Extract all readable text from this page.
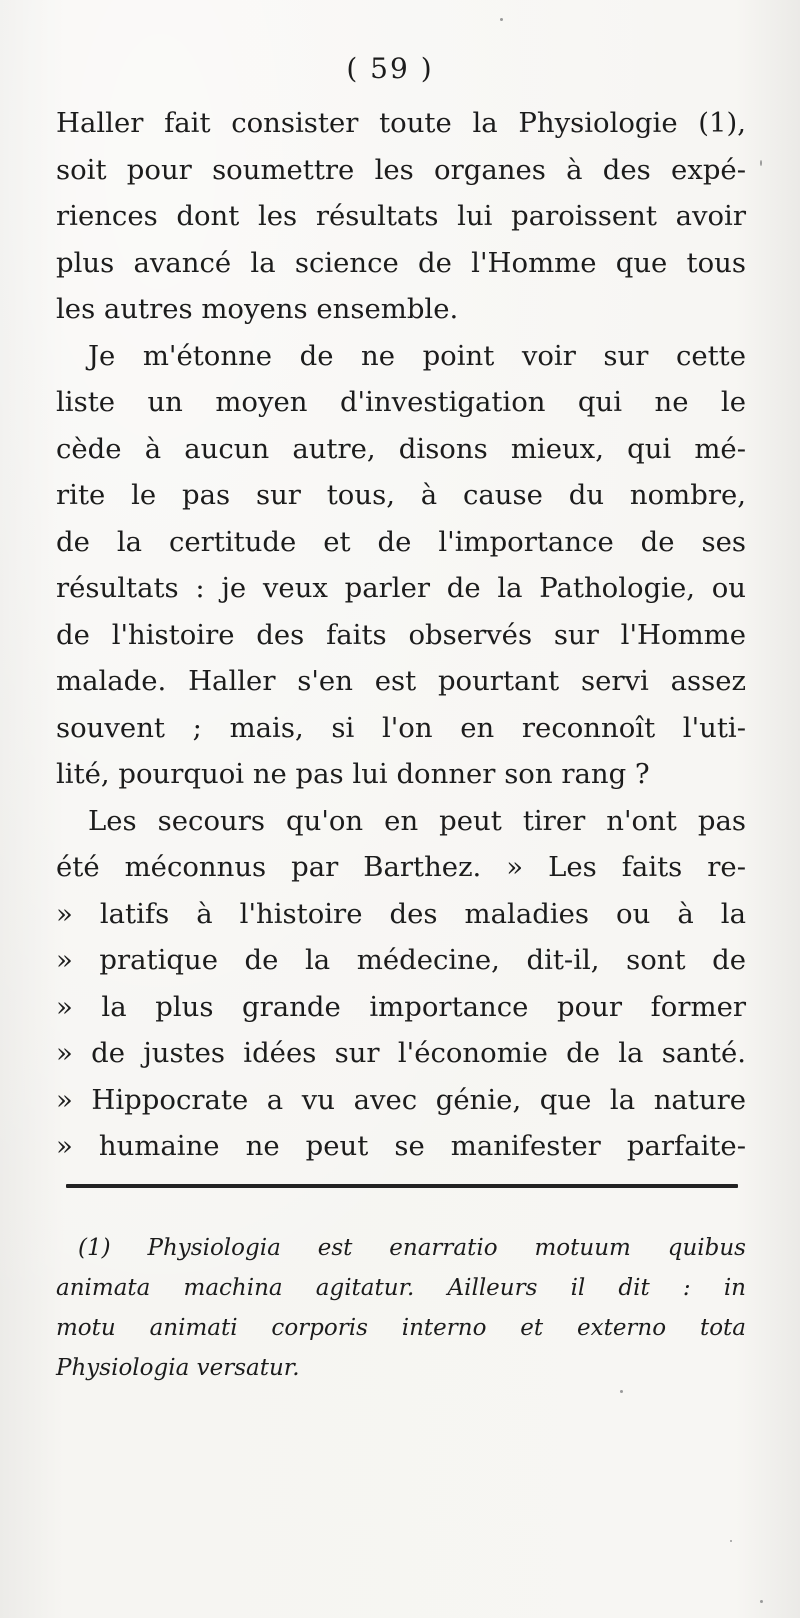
( 59 )
Haller fait consister toute la Physiologie (1),
soit pour soumettre les organes à des expé-
riences dont les résultats lui paroissent avoir
plus avancé la science de l'Homme que tous
les autres moyens ensemble.
Je m'étonne de ne point voir sur cette
liste un moyen d'investigation qui ne le
cède à aucun autre, disons mieux, qui mé-
rite le pas sur tous, à cause du nombre,
de la certitude et de l'importance de ses
résultats : je veux parler de la Pathologie, ou
de l'histoire des faits observés sur l'Homme
malade. Haller s'en est pourtant servi assez
souvent ; mais, si l'on en reconnoît l'uti-
lité, pourquoi ne pas lui donner son rang ?
Les secours qu'on en peut tirer n'ont pas
été méconnus par Barthez. » Les faits re-
» latifs à l'histoire des maladies ou à la
» pratique de la médecine, dit-il, sont de
» la plus grande importance pour former
» de justes idées sur l'économie de la santé.
» Hippocrate a vu avec génie, que la nature
» humaine ne peut se manifester parfaite-
(1) Physiologia est enarratio motuum quibus
animata machina agitatur. Ailleurs il dit : in
motu animati corporis interno et externo tota
Physiologia versatur.
